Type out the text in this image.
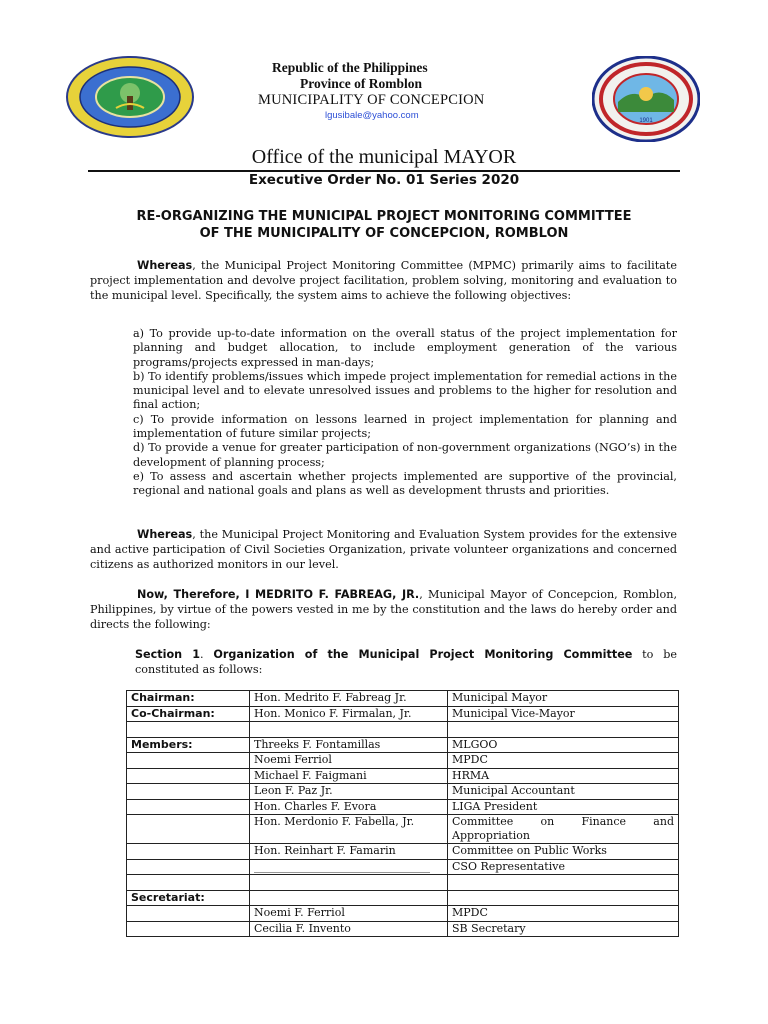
1901
Republic of the Philippines
Province of Romblon
MUNICIPALITY OF CONCEPCION
lgusibale@yahoo.com
Office of the municipal MAYOR
Executive Order No. 01 Series 2020
RE-ORGANIZING THE MUNICIPAL PROJECT MONITORING COMMITTEE
OF THE MUNICIPALITY OF CONCEPCION, ROMBLON
Whereas, the Municipal Project Monitoring Committee (MPMC) primarily aims to facilitate project implementation and devolve project facilitation, problem solving, monitoring and evaluation to the municipal level. Specifically, the system aims to achieve the following objectives:
a) To provide up-to-date information on the overall status of the project implementation for planning and budget allocation, to include employment generation of the various programs/projects expressed in man-days;
b) To identify problems/issues which impede project implementation for remedial actions in the municipal level and to elevate unresolved issues and problems to the higher for resolution and final action;
c) To provide information on lessons learned in project implementation for planning and implementation of future similar projects;
d) To provide a venue for greater participation of non-government organizations (NGO’s) in the development of planning process;
e) To assess and ascertain whether projects implemented are supportive of the provincial, regional and national goals and plans as well as development thrusts and priorities.
Whereas, the Municipal Project Monitoring and Evaluation System provides for the extensive and active participation of Civil Societies Organization, private volunteer organizations and concerned citizens as authorized monitors in our level.
Now, Therefore, I MEDRITO F. FABREAG, JR., Municipal Mayor of Concepcion, Romblon, Philippines, by virtue of the powers vested in me by the constitution and the laws do hereby order and directs the following:
Section 1. Organization of the Municipal Project Monitoring Committee to be constituted as follows:
Chairman:	Hon. Medrito F. Fabreag Jr.	Municipal Mayor
Co-Chairman:	Hon. Monico F. Firmalan, Jr.	Municipal Vice-Mayor

Members:	Threeks F. Fontamillas	MLGOO
	Noemi Ferriol	MPDC
	Michael F. Faigmani	HRMA
	Leon F. Paz Jr.	Municipal Accountant
	Hon. Charles F. Evora	LIGA President
	Hon. Merdonio F. Fabella, Jr.	Committee on Finance and
Appropriation

	Hon. Reinhart F. Famarin	Committee on Public Works
	________________________________	CSO Representative

Secretariat:		
	Noemi F. Ferriol	MPDC
	Cecilia F. Invento	SB Secretary
